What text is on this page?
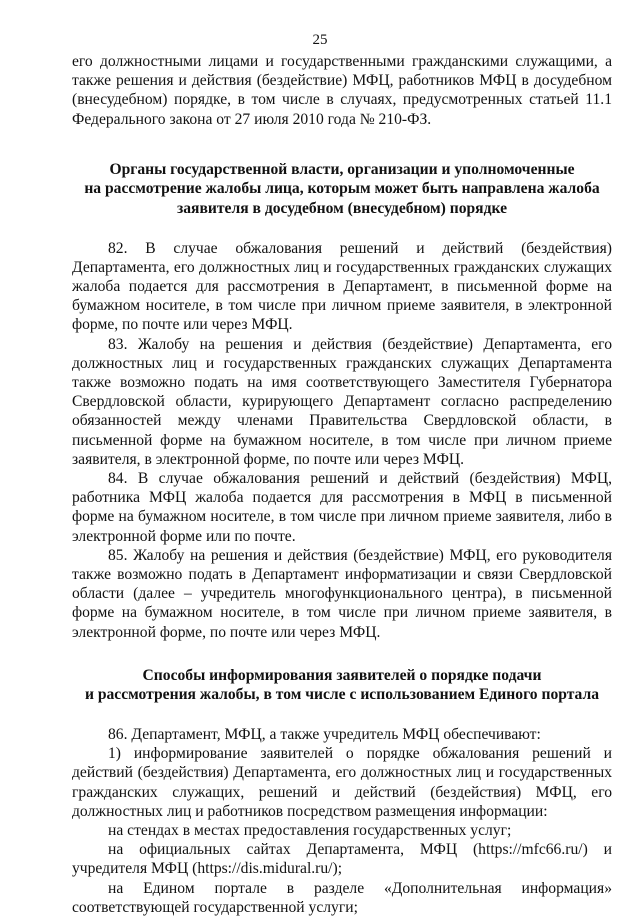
25

его должностными лицами и государственными гражданскими служащими, а также решения и действия (бездействие) МФЦ, работников МФЦ в досудебном (внесудебном) порядке, в том числе в случаях, предусмотренных статьей 11.1 Федерального закона от 27 июля 2010 года № 210-ФЗ.

Органы государственной власти, организации и уполномоченные
на рассмотрение жалобы лица, которым может быть направлена жалоба
заявителя в досудебном (внесудебном) порядке

82. В случае обжалования решений и действий (бездействия) Департамента, его должностных лиц и государственных гражданских служащих жалоба подается для рассмотрения в Департамент, в письменной форме на бумажном носителе, в том числе при личном приеме заявителя, в электронной форме, по почте или через МФЦ.

83. Жалобу на решения и действия (бездействие) Департамента, его должностных лиц и государственных гражданских служащих Департамента также возможно подать на имя соответствующего Заместителя Губернатора Свердловской области, курирующего Департамент согласно распределению обязанностей между членами Правительства Свердловской области, в письменной форме на бумажном носителе, в том числе при личном приеме заявителя, в электронной форме, по почте или через МФЦ.

84. В случае обжалования решений и действий (бездействия) МФЦ, работника МФЦ жалоба подается для рассмотрения в МФЦ в письменной форме на бумажном носителе, в том числе при личном приеме заявителя, либо в электронной форме или по почте.

85. Жалобу на решения и действия (бездействие) МФЦ, его руководителя также возможно подать в Департамент информатизации и связи Свердловской области (далее – учредитель многофункционального центра), в письменной форме на бумажном носителе, в том числе при личном приеме заявителя, в электронной форме, по почте или через МФЦ.

Способы информирования заявителей о порядке подачи
и рассмотрения жалобы, в том числе с использованием Единого портала

86. Департамент, МФЦ, а также учредитель МФЦ обеспечивают:

1) информирование заявителей о порядке обжалования решений и действий (бездействия) Департамента, его должностных лиц и государственных гражданских служащих, решений и действий (бездействия) МФЦ, его должностных лиц и работников посредством размещения информации:

на стендах в местах предоставления государственных услуг;

на официальных сайтах Департамента, МФЦ (https://mfc66.ru/) и учредителя МФЦ (https://dis.midural.ru/);

на Едином портале в разделе «Дополнительная информация» соответствующей государственной услуги;
